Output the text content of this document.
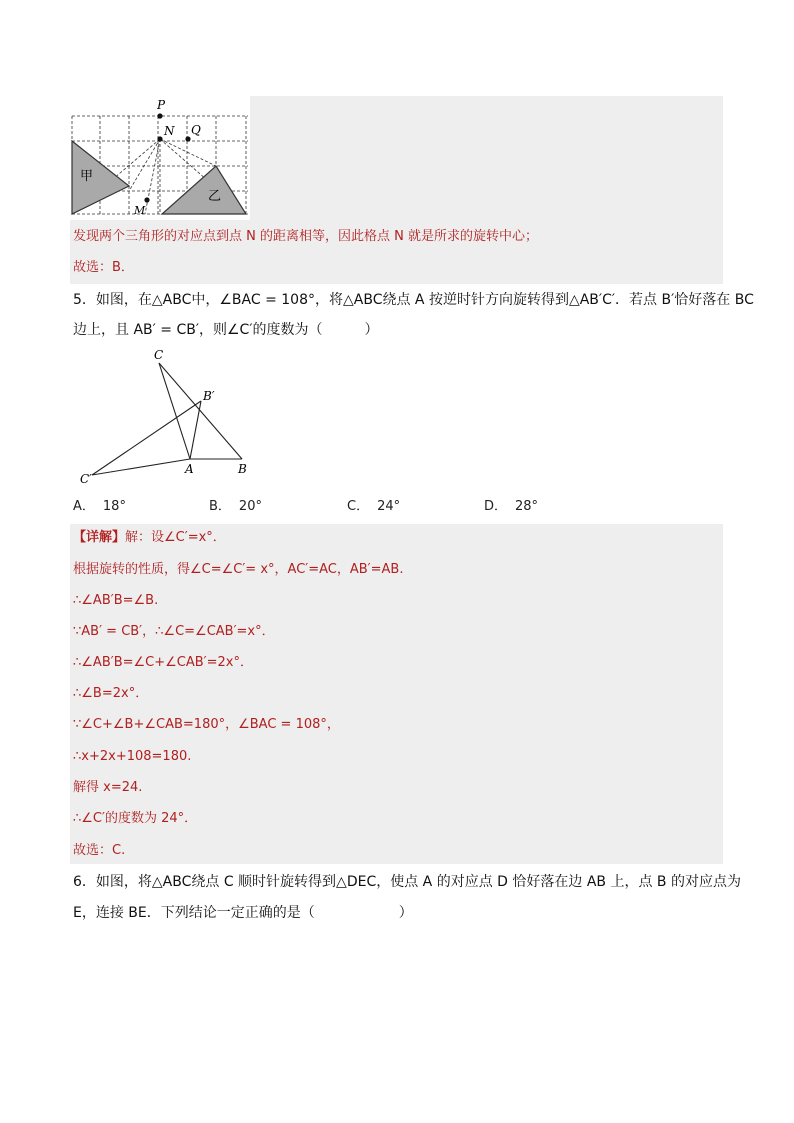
P
N Q
M
甲
乙
发现两个三角形的对应点到点 N 的距离相等，因此格点 N 就是所求的旋转中心；
故选：B．
5．如图，在△ABC中，∠BAC = 108°，将△ABC绕点 A 按逆时针方向旋转得到△AB′C′．若点 B′恰好落在 BC
边上，且 AB′ = CB′，则∠C′的度数为（　　　）
C
B′
C′
A	B
A． 18°	B． 20°	C． 24°	D． 28°
【详解】解：设∠C′=x°．
根据旋转的性质，得∠C=∠C′= x°，AC′=AC，AB′=AB.
∴∠AB′B=∠B.
∵AB′ = CB′，∴∠C=∠CAB′=x°．
∴∠AB′B=∠C+∠CAB′=2x°．
∴∠B=2x°．
∵∠C+∠B+∠CAB=180°，∠BAC = 108°，
∴x+2x+108=180.
解得 x=24.
∴∠C′的度数为 24°．
故选：C.
6．如图，将△ABC绕点 C 顺时针旋转得到△DEC，使点 A 的对应点 D 恰好落在边 AB 上，点 B 的对应点为
E，连接 BE．下列结论一定正确的是（　　　　　　）
